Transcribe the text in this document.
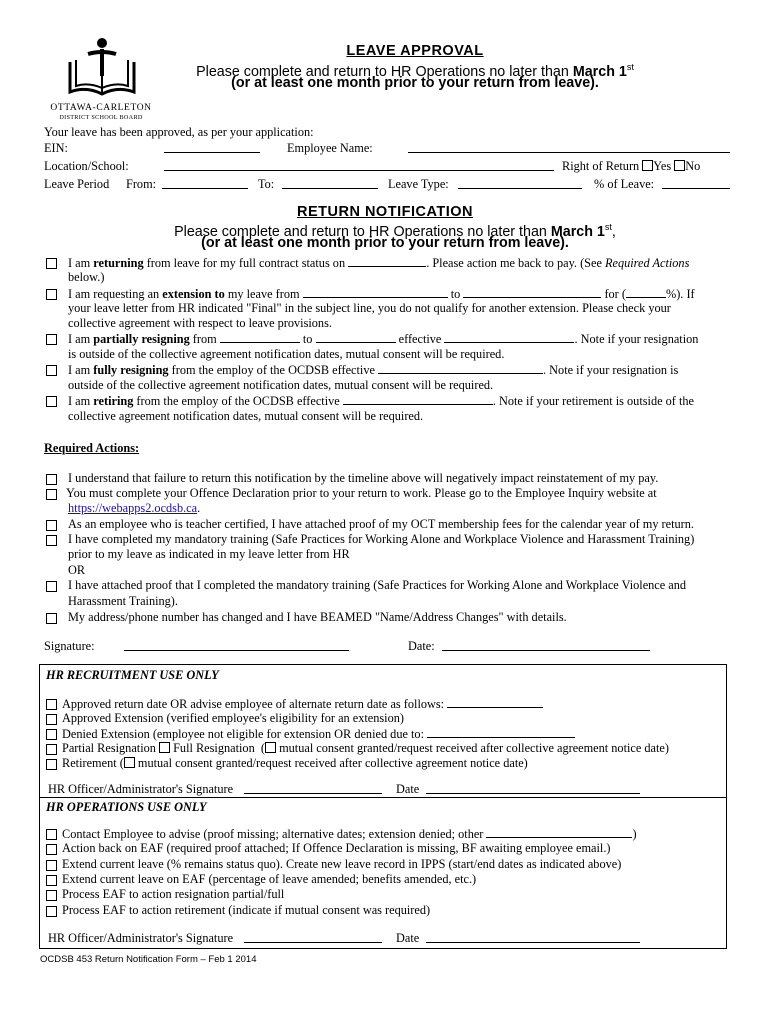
OTTAWA-CARLETON
DISTRICT SCHOOL BOARD
LEAVE APPROVAL
Please complete and return to HR Operations no later than March 1st
(or at least one month prior to your return from leave).
Your leave has been approved, as per your application:
EIN:	Employee Name:
Location/School:	Right of Return Yes No
Leave Period From:	To:	Leave Type:	% of Leave:
RETURN NOTIFICATION
Please complete and return to HR Operations no later than March 1st,
(or at least one month prior to your return from leave).
I am returning from leave for my full contract status on	. Please action me back to pay. (See Required Actions
below.)
I am requesting an extension to my leave from	to	for (	%). If
your leave letter from HR indicated "Final" in the subject line, you do not qualify for another extension. Please check your
collective agreement with respect to leave provisions.
I am partially resigning from	to	effective	. Note if your resignation
is outside of the collective agreement notification dates, mutual consent will be required.
I am fully resigning from the employ of the OCDSB effective	. Note if your resignation is
outside of the collective agreement notification dates, mutual consent will be required.
I am retiring from the employ of the OCDSB effective	. Note if your retirement is outside of the
collective agreement notification dates, mutual consent will be required.
Required Actions:
I understand that failure to return this notification by the timeline above will negatively impact reinstatement of my pay.
You must complete your Offence Declaration prior to your return to work. Please go to the Employee Inquiry website at
https://webapps2.ocdsb.ca.
As an employee who is teacher certified, I have attached proof of my OCT membership fees for the calendar year of my return.
I have completed my mandatory training (Safe Practices for Working Alone and Workplace Violence and Harassment Training)
prior to my leave as indicated in my leave letter from HR
OR
I have attached proof that I completed the mandatory training (Safe Practices for Working Alone and Workplace Violence and
Harassment Training).
My address/phone number has changed and I have BEAMED "Name/Address Changes" with details.
Signature:	Date:
HR RECRUITMENT USE ONLY
Approved return date OR advise employee of alternate return date as follows:
Approved Extension (verified employee's eligibility for an extension)
Denied Extension (employee not eligible for extension OR denied due to:
Partial Resignation Full Resignation ( mutual consent granted/request received after collective agreement notice date)
Retirement ( mutual consent granted/request received after collective agreement notice date)
HR Officer/Administrator's Signature	Date
HR OPERATIONS USE ONLY
Contact Employee to advise (proof missing; alternative dates; extension denied; other	)
Action back on EAF (required proof attached; If Offence Declaration is missing, BF awaiting employee email.)
Extend current leave (% remains status quo). Create new leave record in IPPS (start/end dates as indicated above)
Extend current leave on EAF (percentage of leave amended; benefits amended, etc.)
Process EAF to action resignation partial/full
Process EAF to action retirement (indicate if mutual consent was required)
HR Officer/Administrator's Signature	Date
OCDSB 453 Return Notification Form – Feb 1 2014
